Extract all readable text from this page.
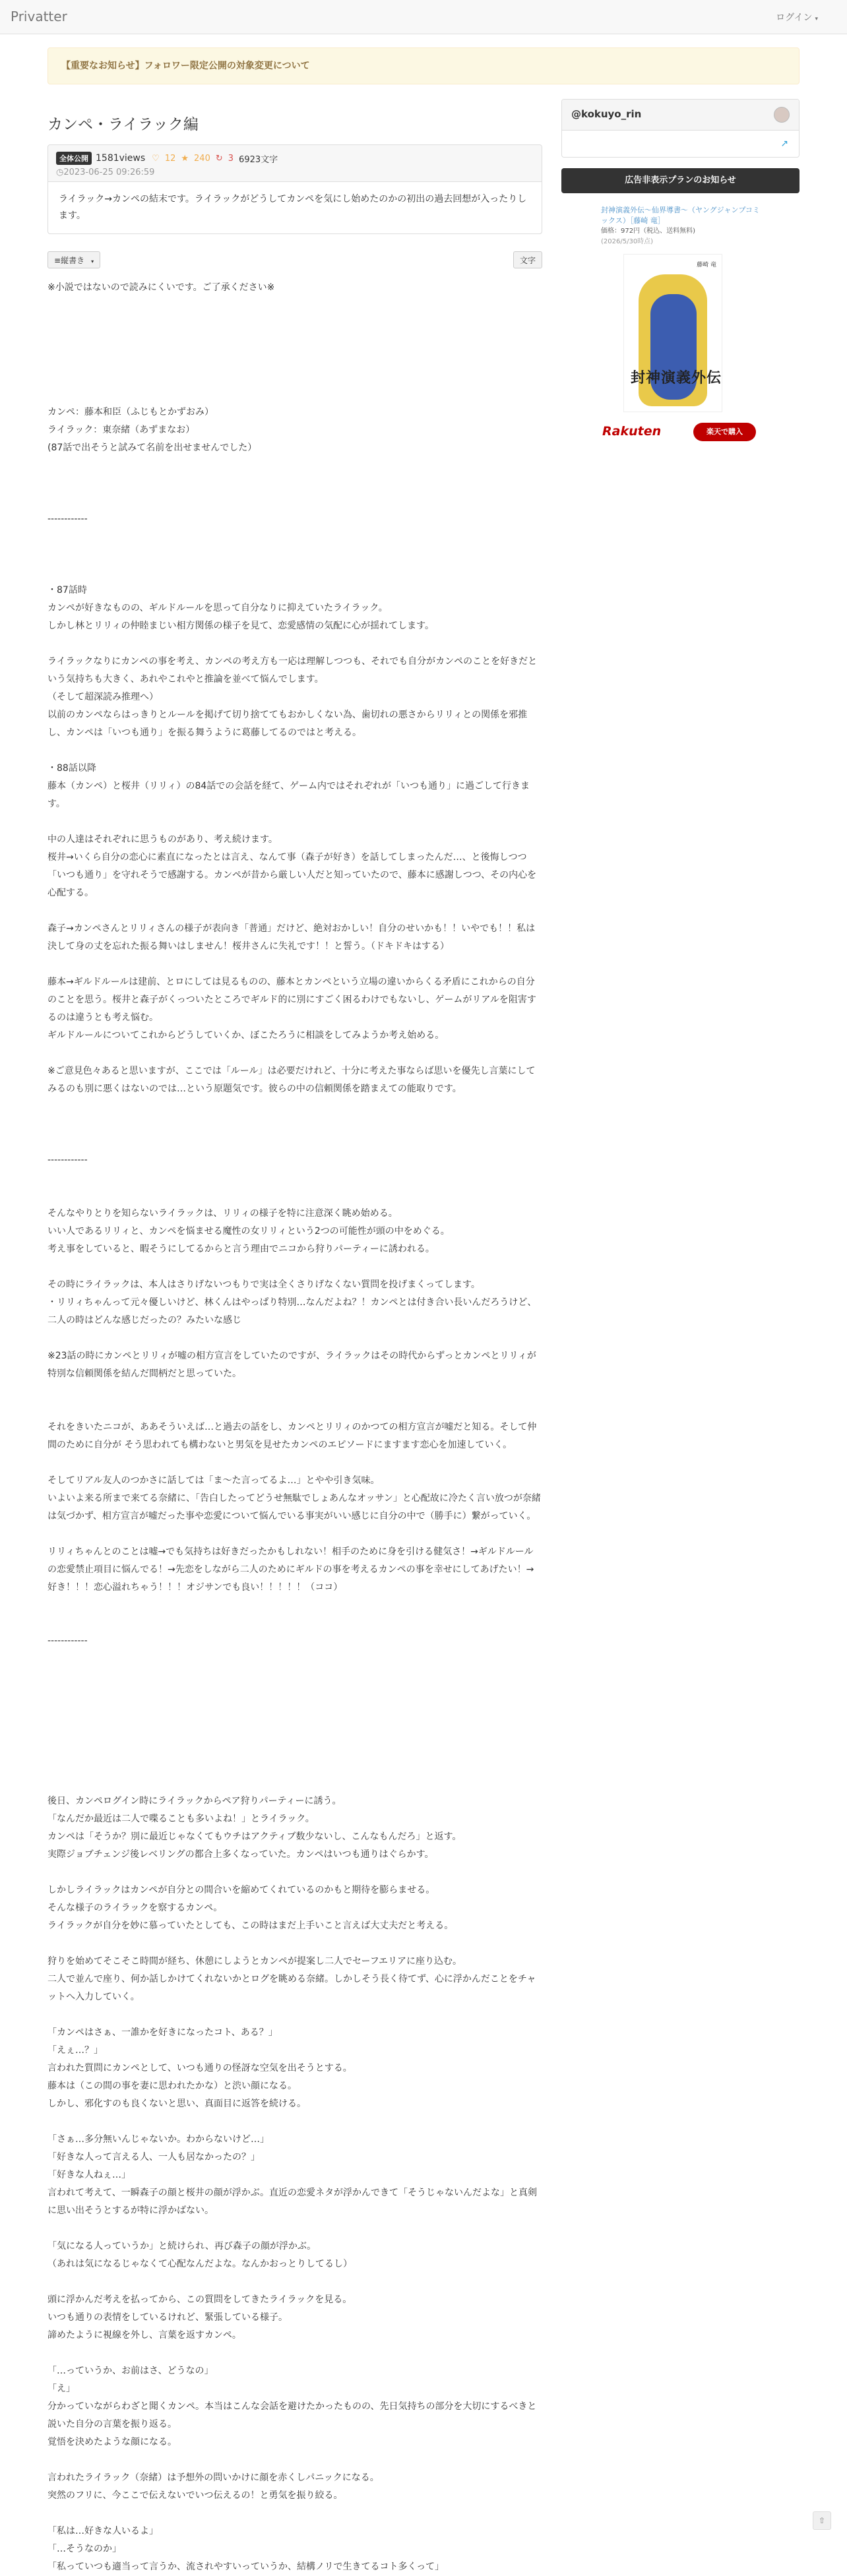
Privatter	ログイン ▾
【重要なお知らせ】フォロワー限定公開の対象変更について
カンペ・ライラック編
全体公開 1581views ♡ 12 ★ 240 ↻ 3 6923文字
◷2023-06-25 09:26:59
ライラック→カンペの結末です。ライラックがどうしてカンペを気にし始めたのかの初出の過去回想が入ったりします。
≡縦書き ▾	文字

※小説ではないので読みにくいです。ご了承ください※

カンペ：藤本和臣（ふじもとかずおみ）

ライラック：東奈緒（あずまなお）

(87話で出そうと試みて名前を出せませんでした）

------------

・87話時

カンペが好きなものの、ギルドルールを思って自分なりに抑えていたライラック。

しかし林とリリィの仲睦まじい相方関係の様子を見て、恋愛感情の気配に心が揺れてします。

ライラックなりにカンペの事を考え、カンペの考え方も一応は理解しつつも、それでも自分がカンペのことを好きだという気持ちも大きく、あれやこれやと推論を並べて悩んでします。

（そして超深読み推理へ）

以前のカンペならはっきりとルールを掲げて切り捨ててもおかしくない為、歯切れの悪さからリリィとの関係を邪推し、カンペは「いつも通り」を振る舞うように葛藤してるのではと考える。

・88話以降

藤本（カンペ）と桜井（リリィ）の84話での会話を経て、ゲーム内ではそれぞれが「いつも通り」に過ごして行きます。

中の人達はそれぞれに思うものがあり、考え続けます。

桜井→いくら自分の恋心に素直になったとは言え、なんて事（森子が好き）を話してしまったんだ…、と後悔しつつ「いつも通り」を守れそうで感謝する。カンペが昔から厳しい人だと知っていたので、藤本に感謝しつつ、その内心を心配する。

森子→カンペさんとリリィさんの様子が表向き「普通」だけど、絶対おかしい！自分のせいかも！！いやでも！！私は決して身の丈を忘れた振る舞いはしません！桜井さんに失礼です！！と誓う。（ドキドキはする）

藤本→ギルドルールは建前、とロにしては見るものの、藤本とカンペという立場の違いからくる矛盾にこれからの自分のことを思う。桜井と森子がくっついたところでギルド的に別にすごく困るわけでもないし、ゲームがリアルを阻害するのは違うとも考え悩む。

ギルドルールについてこれからどうしていくか、ぼこたろうに相談をしてみようか考え始める。

※ご意見色々あると思いますが、ここでは「ルール」は必要だけれど、十分に考えた事ならば思いを優先し言葉にしてみるのも別に悪くはないのでは…という原題気です。彼らの中の信頼関係を踏まえての能取りです。

------------

そんなやりとりを知らないライラックは、リリィの様子を特に注意深く眺め始める。

いい人であるリリィと、カンペを悩ませる魔性の女リリィという2つの可能性が頭の中をめぐる。

考え事をしていると、暇そうにしてるからと言う理由でニコから狩りパーティーに誘われる。

その時にライラックは、本人はさりげないつもりで実は全くさりげなくない質問を投げまくってします。

・リリィちゃんって元々優しいけど、林くんはやっぱり特別…なんだよね？！カンペとは付き合い長いんだろうけど、二人の時はどんな感じだったの？みたいな感じ

※23話の時にカンペとリリィが嘘の相方宣言をしていたのですが、ライラックはその時代からずっとカンペとリリィが特別な信頼関係を結んだ間柄だと思っていた。

それをきいたニコが、ああそういえば…と過去の話をし、カンペとリリィのかつての相方宣言が嘘だと知る。そして仲間のために自分が そう思われても構わないと男気を見せたカンペのエピソードにますます恋心を加速していく。

そしてリアル友人のつかさに話しては「ま〜た言ってるよ…」とやや引き気味。

いよいよ来る所まで来てる奈緒に、「告白したってどうせ無駄でしょあんなオッサン」と心配故に冷たく言い放つが奈緒は気づかず、相方宣言が嘘だった事や恋愛について悩んでいる事実がいい感じに自分の中で（勝手に）繋がっていく。

リリィちゃんとのことは嘘→でも気持ちは好きだったかもしれない！相手のために身を引ける健気さ！→ギルドルールの恋愛禁止項目に悩んでる！→先恋をしながら二人のためにギルドの事を考えるカンペの事を幸せにしてあげたい！→好き！！！恋心溢れちゃう！！！オジサンでも良い！！！！！（ココ）

------------

後日、カンペログイン時にライラックからペア狩りパーティーに誘う。

「なんだか最近は二人で喋ることも多いよね！」とライラック。

カンペは「そうか？別に最近じゃなくてもウチはアクティブ数少ないし、こんなもんだろ」と返す。

実際ジョブチェンジ後レベリングの都合上多くなっていた。カンペはいつも通りはぐらかす。

しかしライラックはカンペが自分との間合いを縮めてくれているのかもと期待を膨らませる。

そんな様子のライラックを察するカンペ。

ライラックが自分を妙に慕っていたとしても、この時はまだ上手いこと言えば大丈夫だと考える。

狩りを始めてそこそこ時間が経ち、休憩にしようとカンペが提案し二人でセーフエリアに座り込む。

二人で並んで座り、何か話しかけてくれないかとログを眺める奈緒。しかしそう長く待てず、心に浮かんだことをチャットへ入力していく。

「カンペはさぁ、一誰かを好きになったコト、ある？」

「えぇ…？」

言われた質問にカンペとして、いつも通りの怪訝な空気を出そうとする。

藤本は（この間の事を妻に思われたかな）と渋い顔になる。

しかし、邪化すのも良くないと思い、真面目に返答を続ける。

「さぁ…多分無いんじゃないか。わからないけど…」

「好きな人って言える人、一人も居なかったの？」

「好きな人ねぇ…」

言われて考えて、一瞬森子の顔と桜井の顔が浮かぶ。直近の恋愛ネタが浮かんできて「そうじゃないんだよな」と真剣に思い出そうとするが特に浮かばない。

「気になる人っていうか」と続けられ、再び森子の顔が浮かぶ。

（あれは気になるじゃなくて心配なんだよな。なんかおっとりしてるし）

頭に浮かんだ考えを払ってから、この質問をしてきたライラックを見る。

いつも通りの表情をしているけれど、緊張している様子。

諦めたように視線を外し、言葉を返すカンペ。

「…っていうか、お前はさ、どうなの」

「え」

分かっていながらわざと聞くカンペ。本当はこんな会話を避けたかったものの、先日気持ちの部分を大切にするべきと説いた自分の言葉を振り返る。

覚悟を決めたような顔になる。

言われたライラック（奈緒）は予想外の問いかけに顔を赤くしパニックになる。

突然のフリに、今ここで伝えないでいつ伝えるの！と勇気を振り絞る。

「私は…好きな人いるよ」

「…そうなのか」

「私っていつも適当って言うか、流されやすいっていうか、結構ノリで生きてるコト多くって」

@kokuyo_rin
↗
広告非表示プランのお知らせ
封神演義外伝〜仙界導書〜（ヤングジャンプコミックス）［藤崎 竜］
価格：972円（税込、送料無料)
(2026/5/30時点)
藤崎 竜
封神演義外伝
Rakuten	楽天で購入
⇧
